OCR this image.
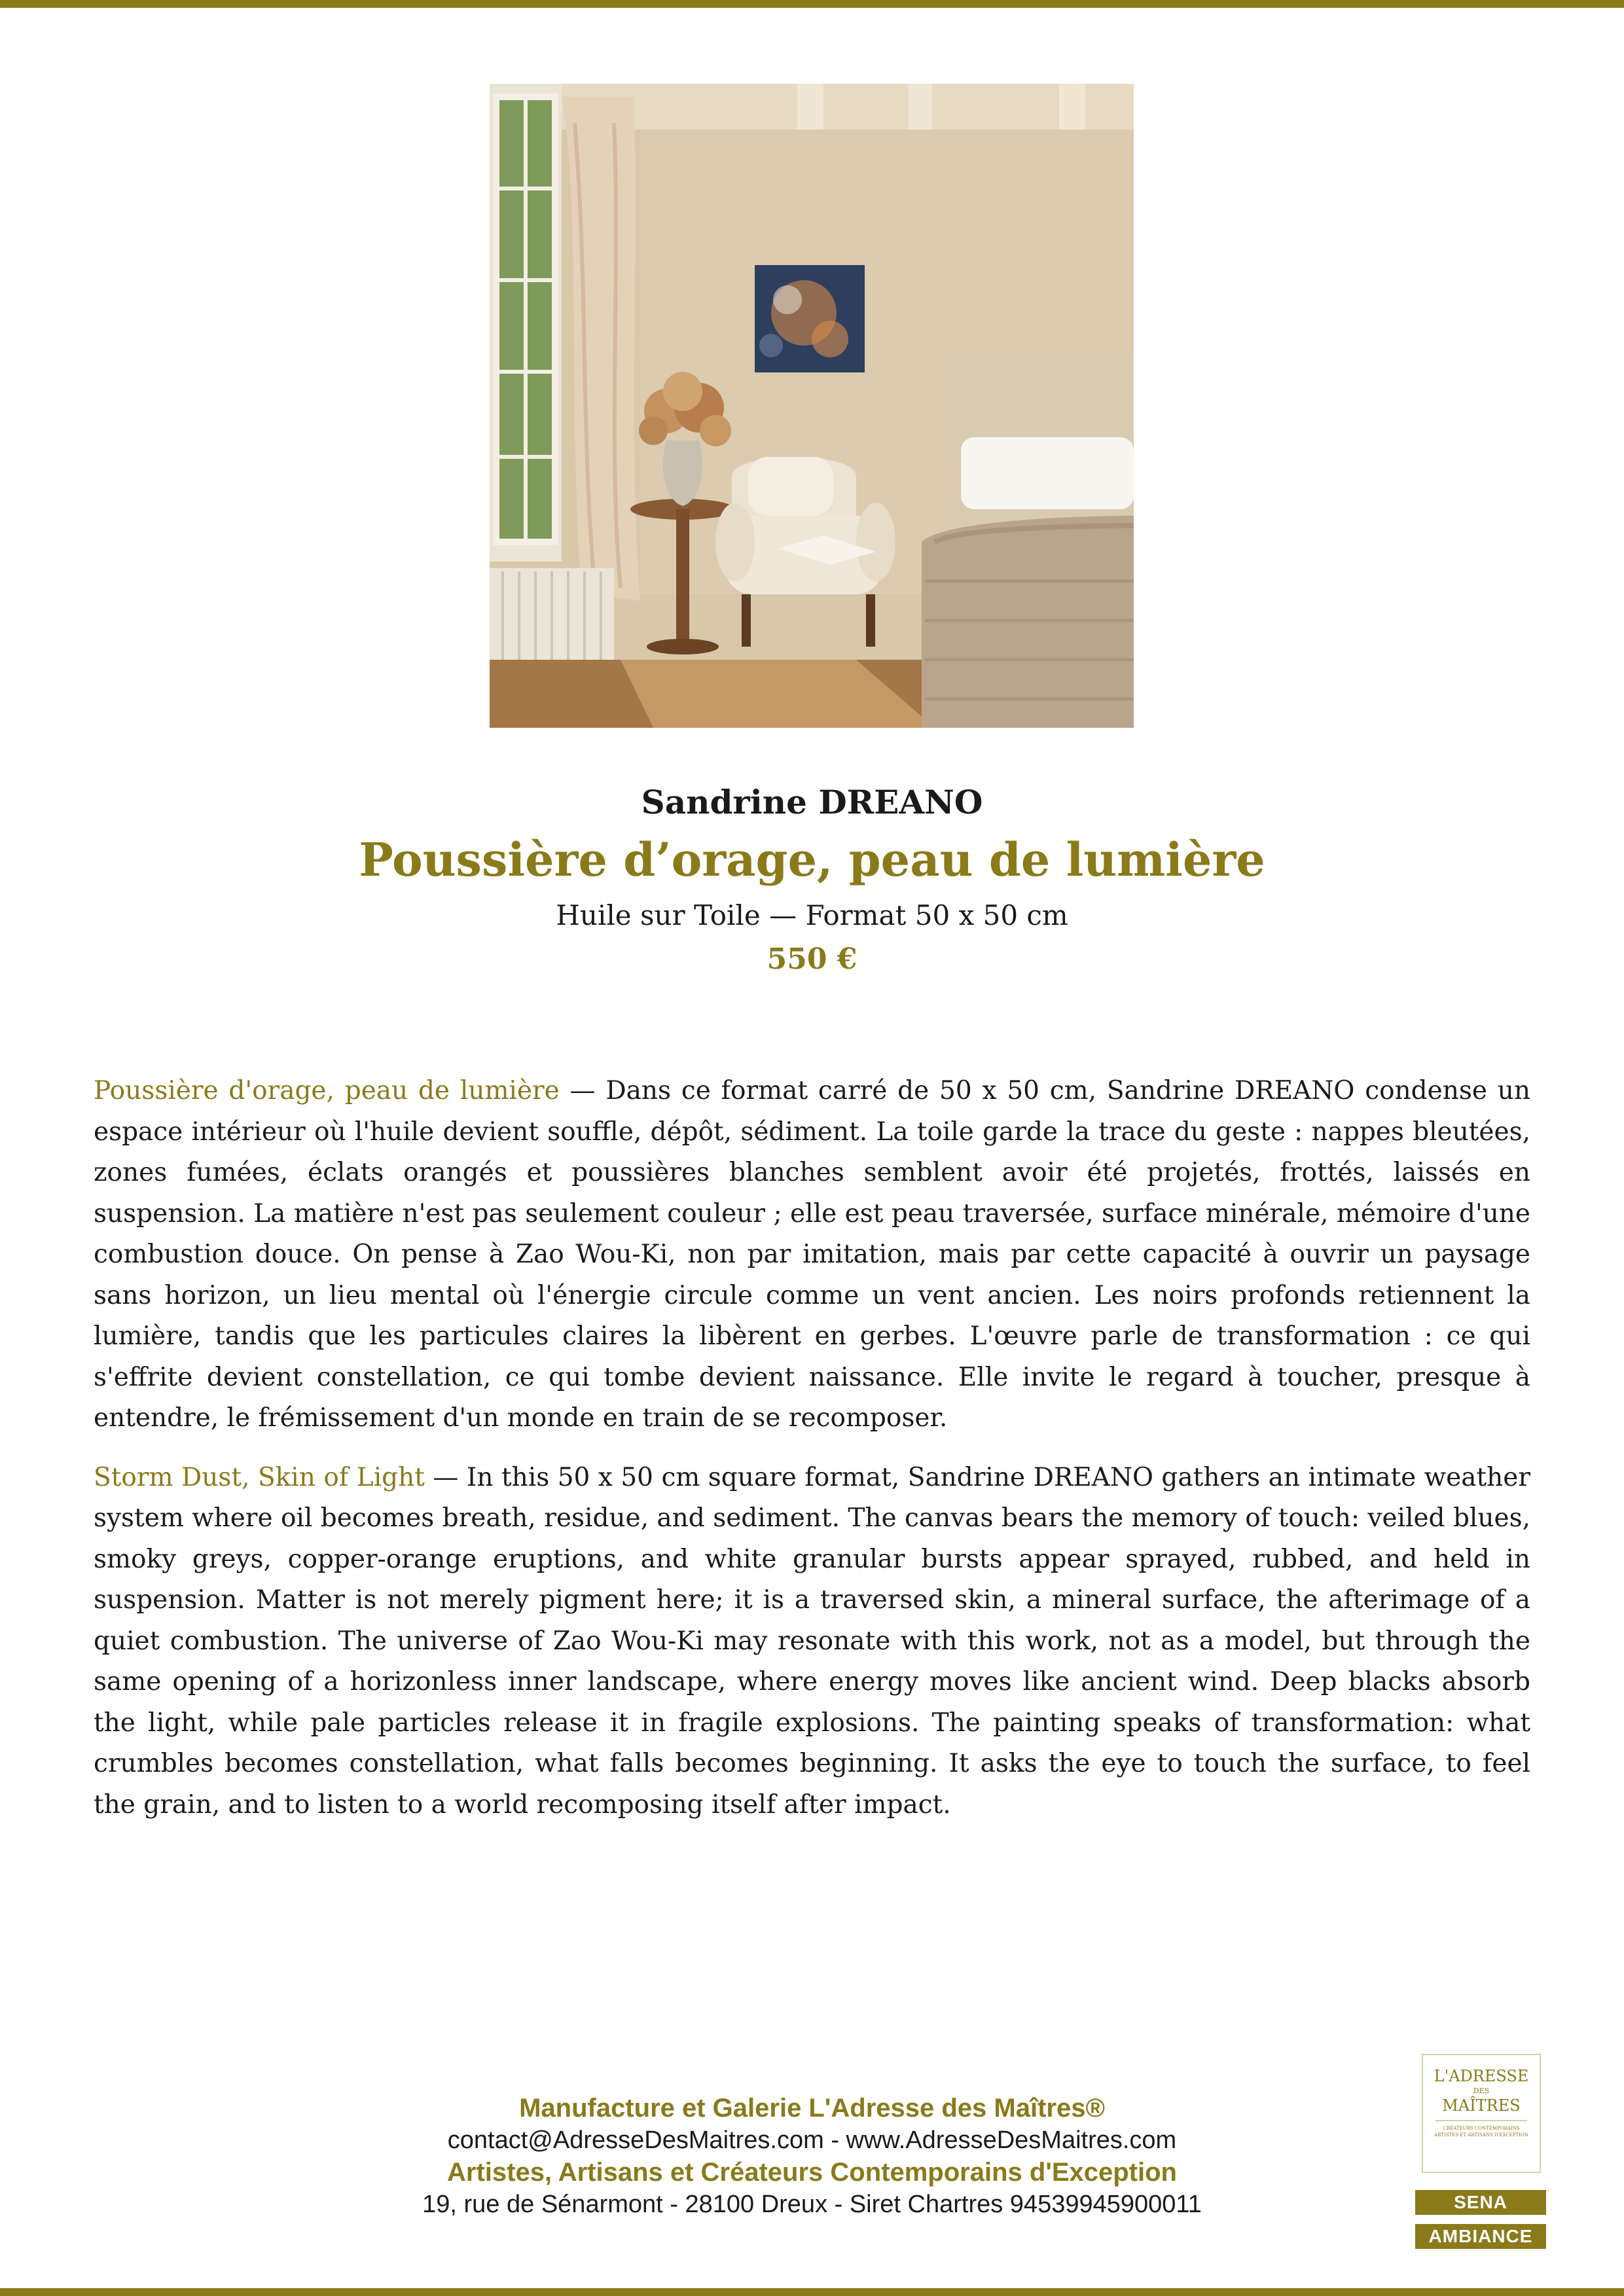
Sandrine DREANO
Poussière d’orage, peau de lumière
Huile sur Toile — Format 50 x 50 cm
550 €

Poussière d'orage, peau de lumière — Dans ce format carré de 50 x 50 cm, Sandrine DREANO condense un espace intérieur où l'huile devient souffle, dépôt, sédiment. La toile garde la trace du geste : nappes bleutées, zones fumées, éclats orangés et poussières blanches semblent avoir été projetés, frottés, laissés en suspension. La matière n'est pas seulement couleur ; elle est peau traversée, surface minérale, mémoire d'une combustion douce. On pense à Zao Wou-Ki, non par imitation, mais par cette capacité à ouvrir un paysage sans horizon, un lieu mental où l'énergie circule comme un vent ancien. Les noirs profonds retiennent la lumière, tandis que les particules claires la libèrent en gerbes. L'œuvre parle de transformation : ce qui s'effrite devient constellation, ce qui tombe devient naissance. Elle invite le regard à toucher, presque à entendre, le frémissement d'un monde en train de se recomposer.

Storm Dust, Skin of Light — In this 50 x 50 cm square format, Sandrine DREANO gathers an intimate weather system where oil becomes breath, residue, and sediment. The canvas bears the memory of touch: veiled blues, smoky greys, copper-orange eruptions, and white granular bursts appear sprayed, rubbed, and held in suspension. Matter is not merely pigment here; it is a traversed skin, a mineral surface, the afterimage of a quiet combustion. The universe of Zao Wou-Ki may resonate with this work, not as a model, but through the same opening of a horizonless inner landscape, where energy moves like ancient wind. Deep blacks absorb the light, while pale particles release it in fragile explosions. The painting speaks of transformation: what crumbles becomes constellation, what falls becomes beginning. It asks the eye to touch the surface, to feel the grain, and to listen to a world recomposing itself after impact.

Manufacture et Galerie L'Adresse des Maîtres®
contact@AdresseDesMaitres.com - www.AdresseDesMaitres.com
Artistes, Artisans et Créateurs Contemporains d'Exception
19, rue de Sénarmont - 28100 Dreux - Siret Chartres 94539945900011
L'ADRESSE
DES
MAÎTRES
CRÉATEURS CONTEMPORAINS ARTISTES ET ARTISANS D'EXCEPTION
SENA
AMBIANCE
